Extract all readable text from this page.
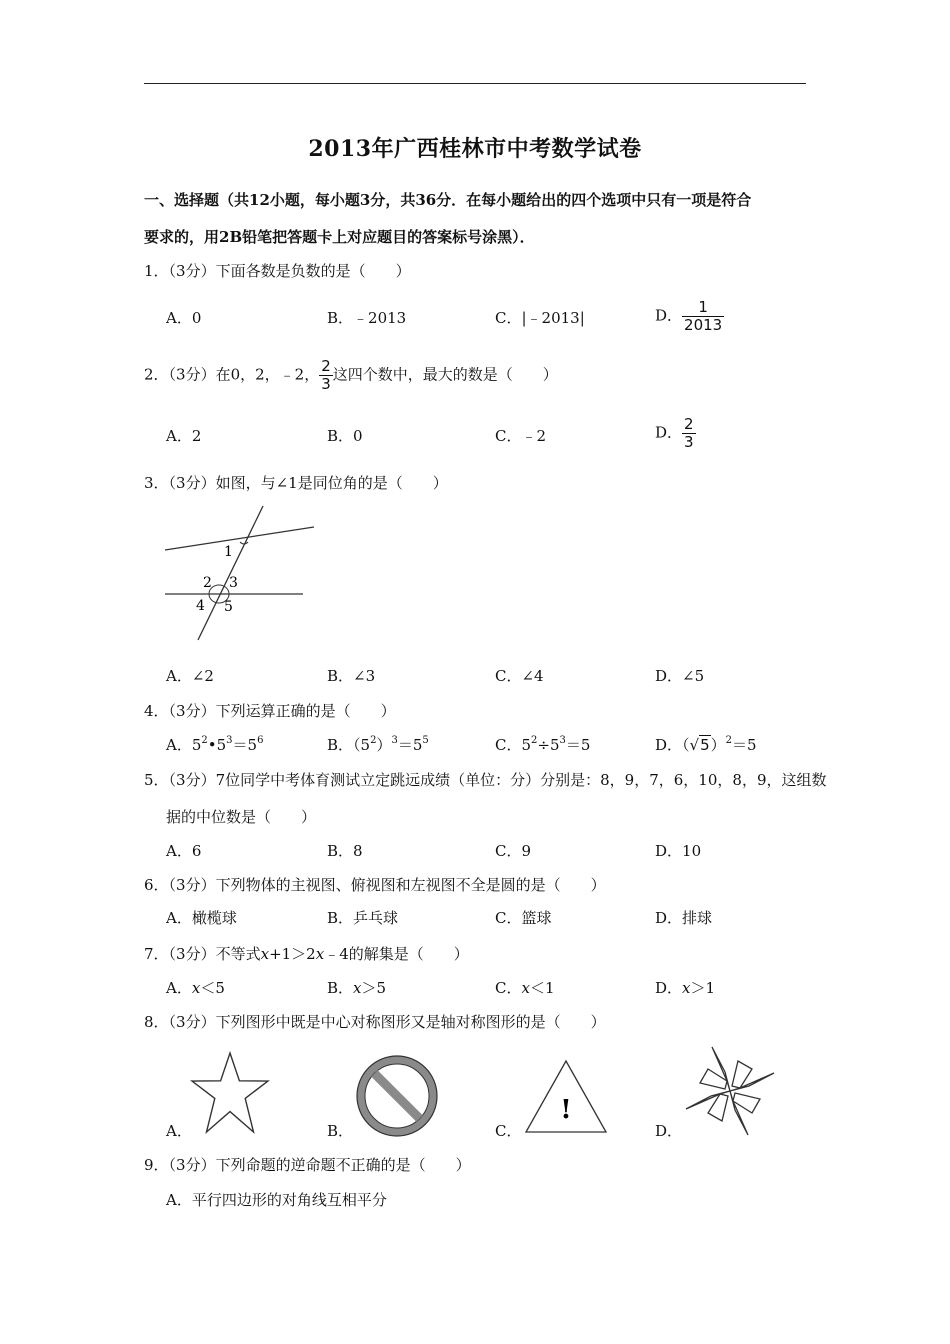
2013年广西桂林市中考数学试卷
一、选择题（共12小题，每小题3分，共36分．在每小题给出的四个选项中只有一项是符合
要求的，用2B铅笔把答题卡上对应题目的答案标号涂黑）．
1．（3分）下面各数是负数的是（　　）
A．0	B．﹣2013	C．|﹣2013|	D． $\frac{1}{2013}$
2．（3分）在0，2，﹣2， $\frac{2}{3}$ 这四个数中，最大的数是（　　）
A．2	B．0	C．﹣2	D． $\frac{2}{3}$
3．（3分）如图，与∠1是同位角的是（　　）
1
2 3
4 5
A．∠2	B．∠3	C．∠4	D．∠5
4．（3分）下列运算正确的是（　　）
A．$5^2•5^3=5^6$	B．$(5^2)^3=5^5$	C．$5^2\div 5^3=5$	D．$(√5)^2=5$
5．（3分）7位同学中考体育测试立定跳远成绩（单位：分）分别是：8，9，7，6，10，8，9，这组数
据的中位数是（　　）
A．6	B．8	C．9	D．10
6．（3分）下列物体的主视图、俯视图和左视图不全是圆的是（　　）
A．橄榄球	B．乒乓球	C．篮球	D．排球
7．（3分）不等式x+1＞2x﹣4的解集是（　　）
A．x＜5	B．x＞5	C．x＜1	D．x＞1
8．（3分）下列图形中既是中心对称图形又是轴对称图形的是（　　）
A．	B．	C．	D．
!
9．（3分）下列命题的逆命题不正确的是（　　）
A．平行四边形的对角线互相平分
